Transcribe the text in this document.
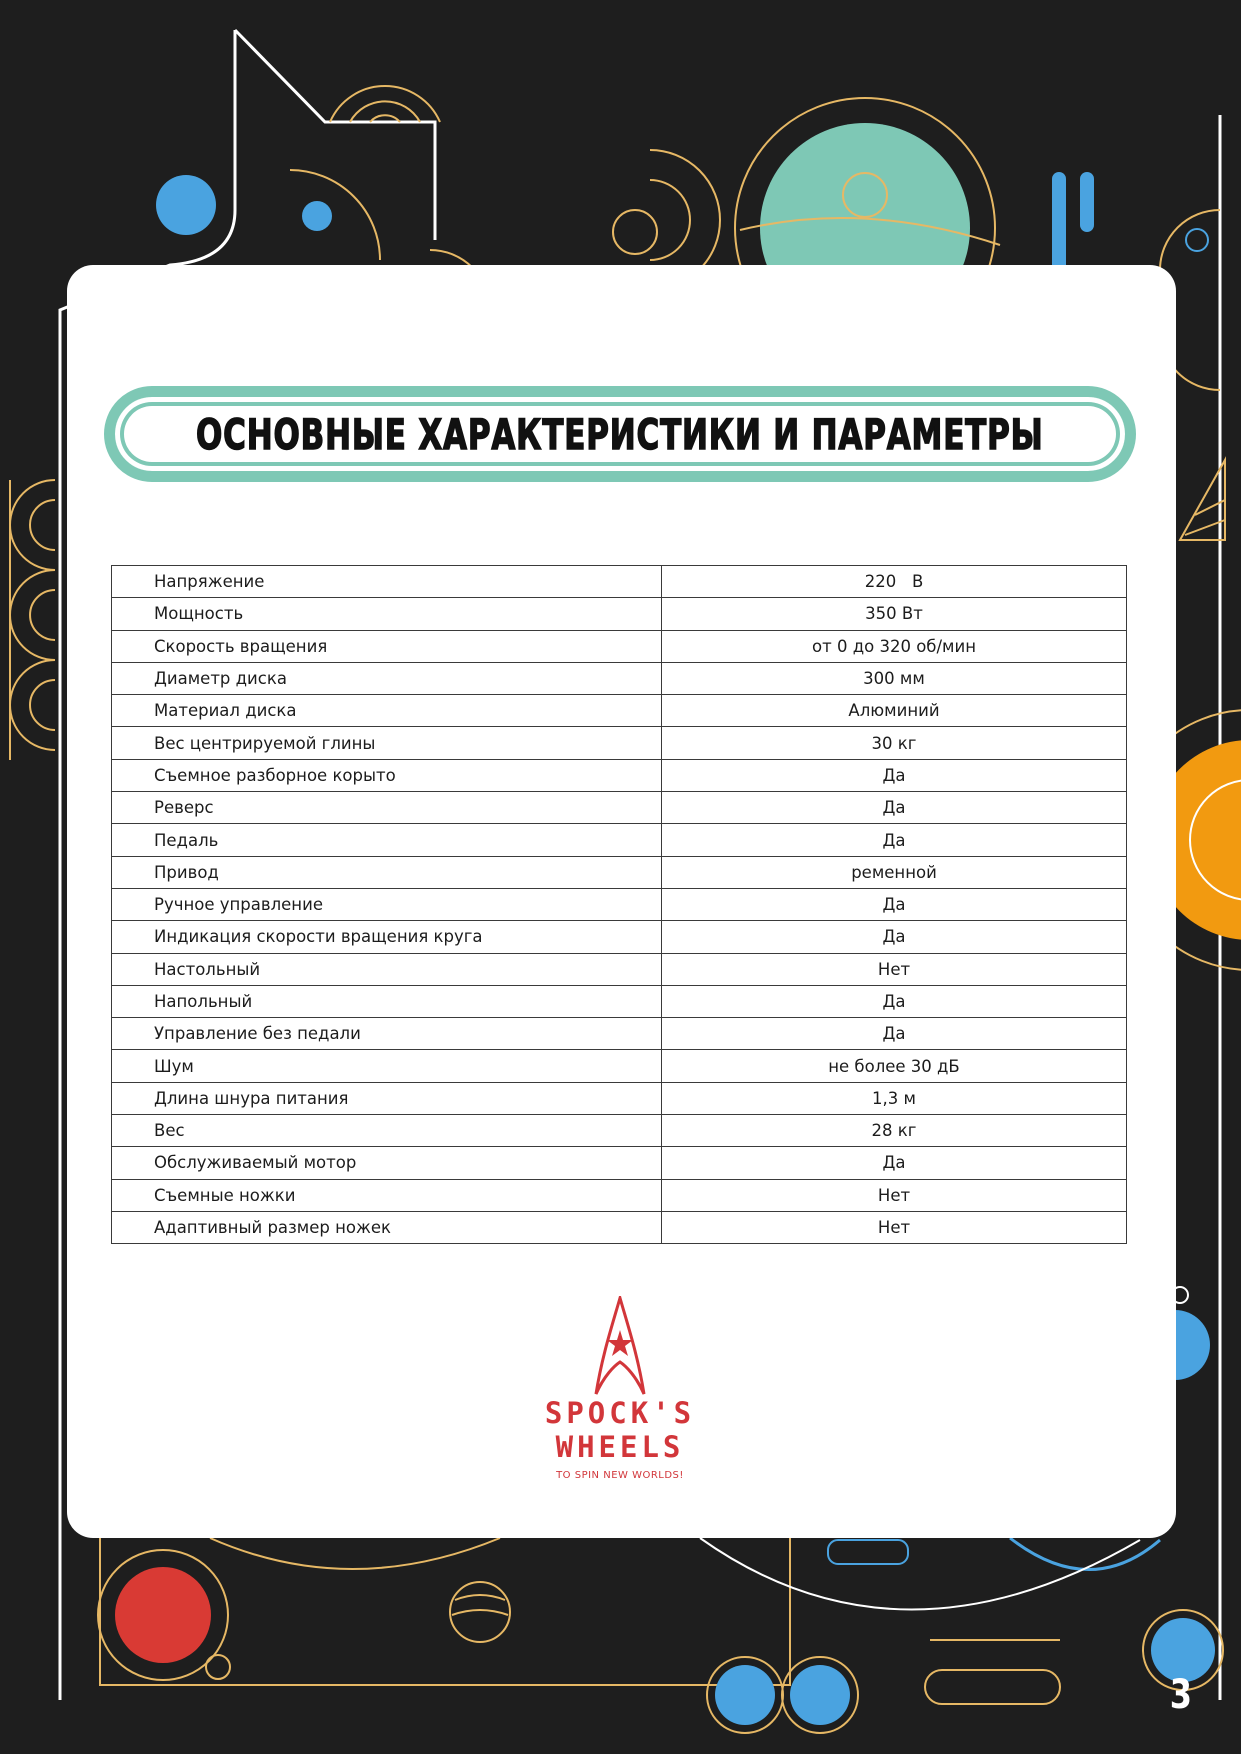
ОСНОВНЫЕ ХАРАКТЕРИСТИКИ И ПАРАМЕТРЫ
Напряжение	220   В
Мощность	350 Вт
Скорость вращения	от 0 до 320 об/мин
Диаметр диска	300 мм
Материал диска	Алюминий
Вес центрируемой глины	30 кг
Съемное разборное корыто	Да
Реверс	Да
Педаль	Да
Привод	ременной
Ручное управление	Да
Индикация скорости вращения круга	Да
Настольный	Нет
Напольный	Да
Управление без педали	Да
Шум	не более 30 дБ
Длина шнура питания	1,3 м
Вес	28 кг
Обслуживаемый мотор	Да
Съемные ножки	Нет
Адаптивный размер ножек	Нет
SPOCK'S
WHEELS
TO SPIN NEW WORLDS!
3
